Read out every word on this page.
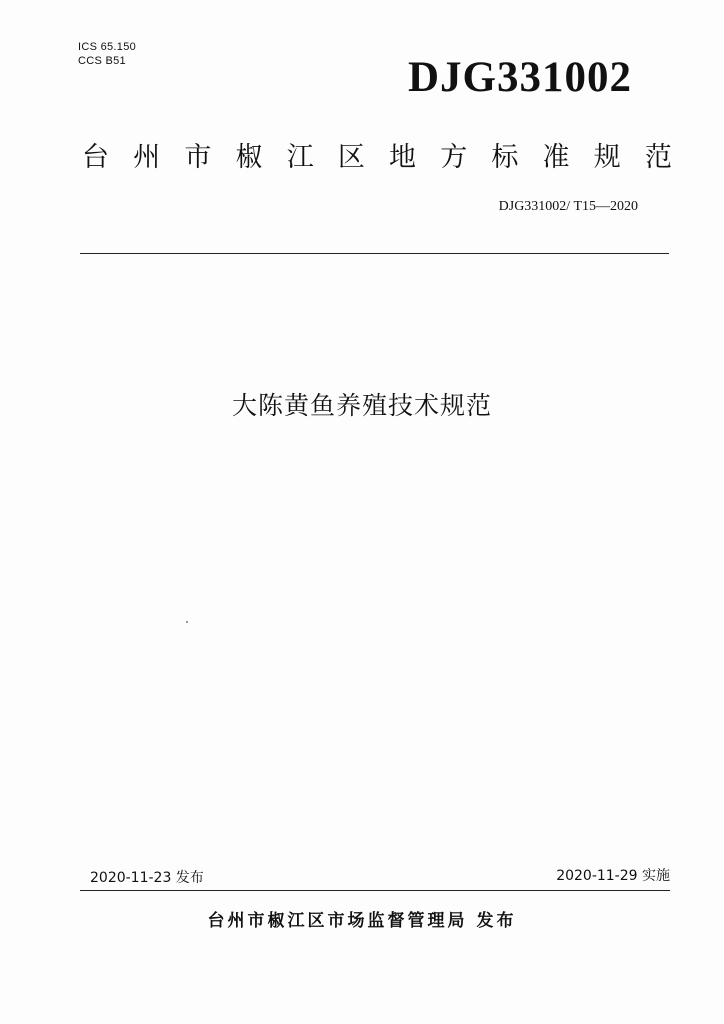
ICS 65.150
CCS B51	DJG331002
台 州 市 椒 江 区 地 方 标 准 规 范
DJG331002/ T15—2020
大陈黄鱼养殖技术规范
2020-11-23 发布	2020-11-29 实施
台州市椒江区市场监督管理局 发布
